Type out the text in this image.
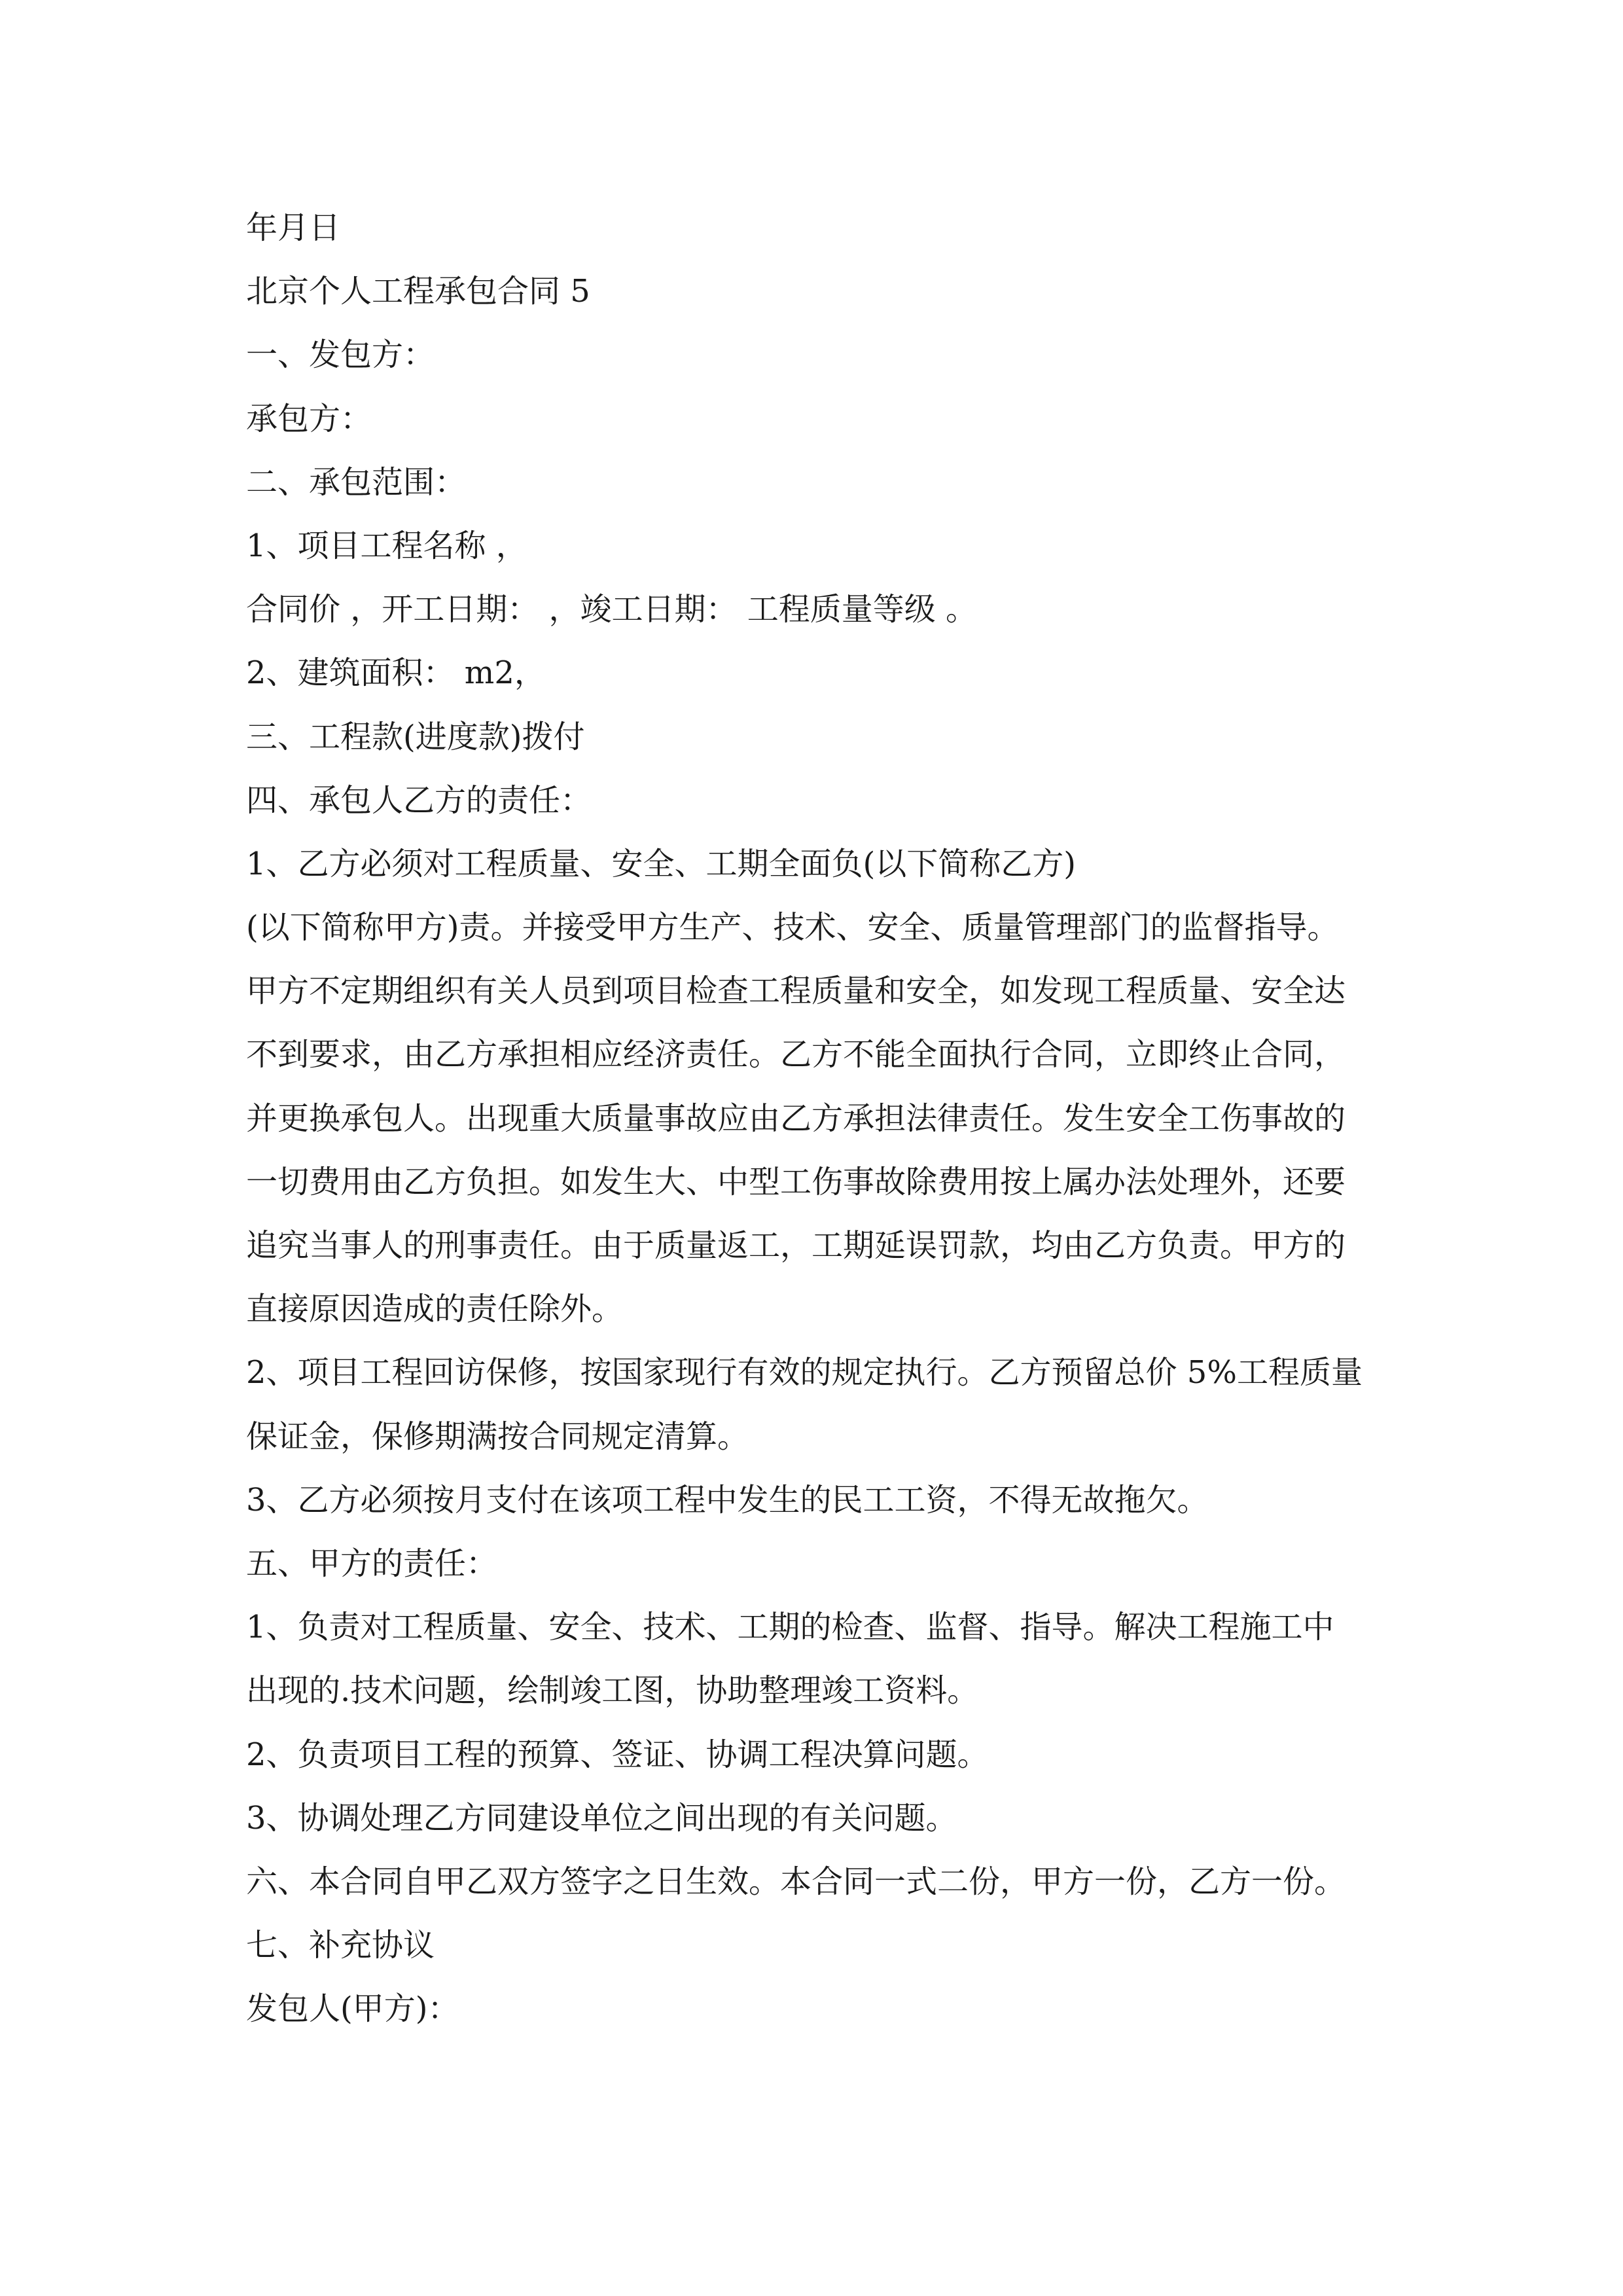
年月日
北京个人工程承包合同 5
一、发包方：
承包方：
二、承包范围：
1、项目工程名称 ，
合同价 ，开工日期： ，竣工日期： 工程质量等级 。
2、建筑面积： m2，
三、工程款(进度款)拨付
四、承包人乙方的责任：
1、乙方必须对工程质量、安全、工期全面负(以下简称乙方)
(以下简称甲方)责。并接受甲方生产、技术、安全、质量管理部门的监督指导。
甲方不定期组织有关人员到项目检查工程质量和安全，如发现工程质量、安全达
不到要求，由乙方承担相应经济责任。乙方不能全面执行合同，立即终止合同，
并更换承包人。出现重大质量事故应由乙方承担法律责任。发生安全工伤事故的
一切费用由乙方负担。如发生大、中型工伤事故除费用按上属办法处理外，还要
追究当事人的刑事责任。由于质量返工，工期延误罚款，均由乙方负责。甲方的
直接原因造成的责任除外。
2、项目工程回访保修，按国家现行有效的规定执行。乙方预留总价 5%工程质量
保证金，保修期满按合同规定清算。
3、乙方必须按月支付在该项工程中发生的民工工资，不得无故拖欠。
五、甲方的责任：
1、负责对工程质量、安全、技术、工期的检查、监督、指导。解决工程施工中
出现的.技术问题，绘制竣工图，协助整理竣工资料。
2、负责项目工程的预算、签证、协调工程决算问题。
3、协调处理乙方同建设单位之间出现的有关问题。
六、本合同自甲乙双方签字之日生效。本合同一式二份，甲方一份，乙方一份。
七、补充协议
发包人(甲方)：
